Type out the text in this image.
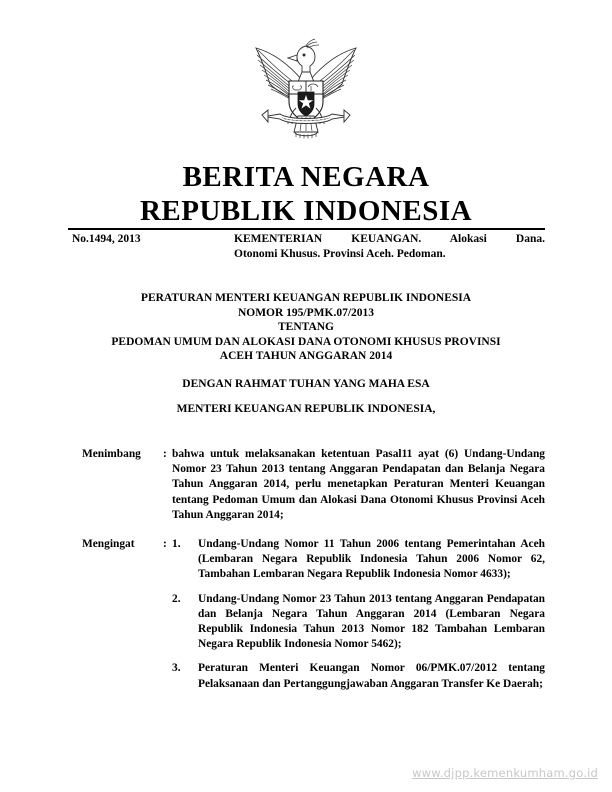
BERITA NEGARA
REPUBLIK INDONESIA
No.1494, 2013	KEMENTERIAN KEUANGAN. Alokasi Dana.
Otonomi Khusus. Provinsi Aceh. Pedoman.
PERATURAN MENTERI KEUANGAN REPUBLIK INDONESIA
NOMOR 195/PMK.07/2013
TENTANG
PEDOMAN UMUM DAN ALOKASI DANA OTONOMI KHUSUS PROVINSI
ACEH TAHUN ANGGARAN 2014
DENGAN RAHMAT TUHAN YANG MAHA ESA
MENTERI KEUANGAN REPUBLIK INDONESIA,
Menimbang	: bahwa untuk melaksanakan ketentuan Pasal11 ayat (6) Undang-Undang Nomor 23 Tahun 2013 tentang Anggaran Pendapatan dan Belanja Negara Tahun Anggaran 2014, perlu menetapkan Peraturan Menteri Keuangan tentang Pedoman Umum dan Alokasi Dana Otonomi Khusus Provinsi Aceh Tahun Anggaran 2014;
Mengingat	: 1.	Undang-Undang Nomor 11 Tahun 2006 tentang Pemerintahan Aceh (Lembaran Negara Republik Indonesia Tahun 2006 Nomor 62, Tambahan Lembaran Negara Republik Indonesia Nomor 4633);
2.	Undang-Undang Nomor 23 Tahun 2013 tentang Anggaran Pendapatan dan Belanja Negara Tahun Anggaran 2014 (Lembaran Negara Republik Indonesia Tahun 2013 Nomor 182 Tambahan Lembaran Negara Republik Indonesia Nomor 5462);
3.	Peraturan Menteri Keuangan Nomor 06/PMK.07/2012 tentang Pelaksanaan dan Pertanggungjawaban Anggaran Transfer Ke Daerah;
www.djpp.kemenkumham.go.id
